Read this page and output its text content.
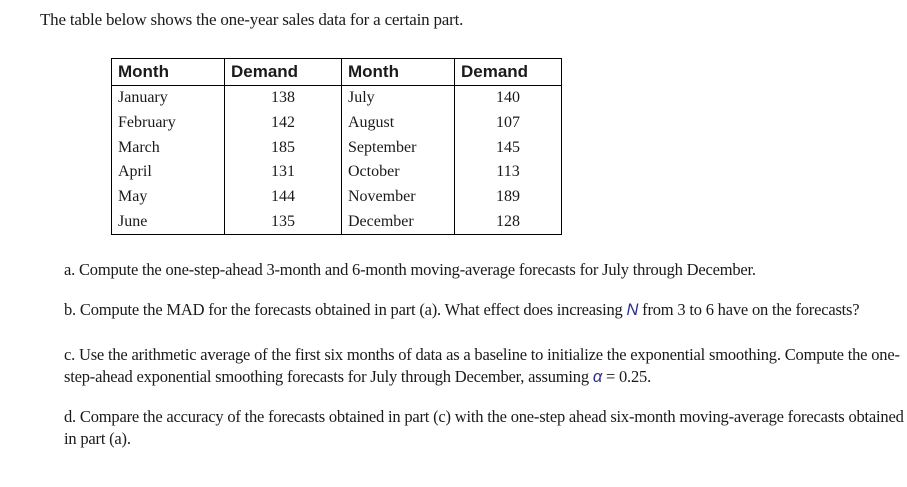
The table below shows the one-year sales data for a certain part.
Month	Demand	Month	Demand
January	138	July	140
February	142	August	107
March	185	September	145
April	131	October	113
May	144	November	189
June	135	December	128
a. Compute the one-step-ahead 3-month and 6-month moving-average forecasts for July through December.
b. Compute the MAD for the forecasts obtained in part (a). What effect does increasing N from 3 to 6 have on the forecasts?
c. Use the arithmetic average of the first six months of data as a baseline to initialize the exponential smoothing. Compute the one-step-ahead exponential smoothing forecasts for July through December, assuming α = 0.25.
d. Compare the accuracy of the forecasts obtained in part (c) with the one-step ahead six-month moving-average forecasts obtained in part (a).
